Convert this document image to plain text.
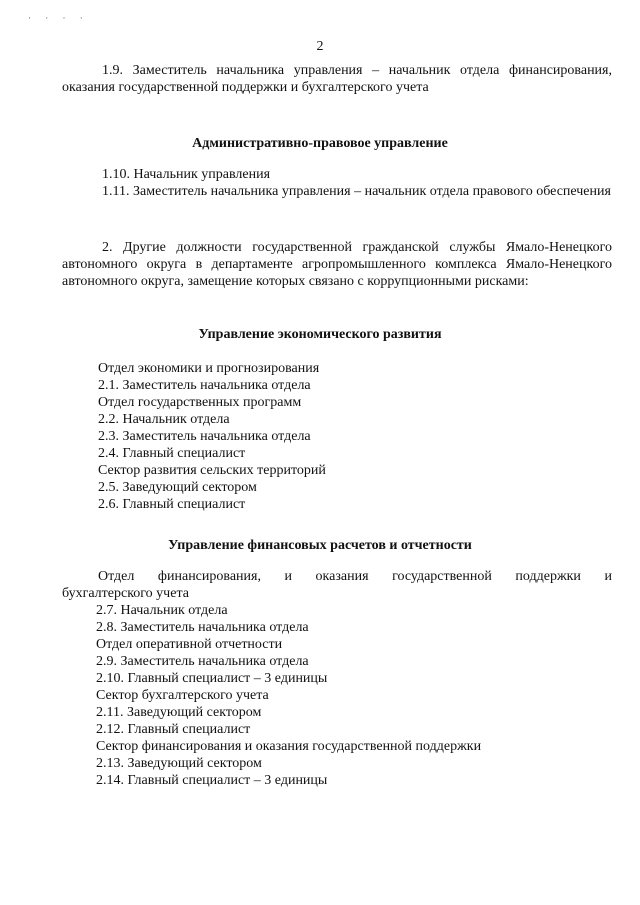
· · · ·
2

1.9. Заместитель начальника управления – начальник отдела финансирования, оказания государственной поддержки и бухгалтерского учета

Административно-правовое управление

1.10. Начальник управления

1.11. Заместитель начальника управления – начальник отдела правового обеспечения

2. Другие должности государственной гражданской службы Ямало-Ненецкого автономного округа в департаменте агропромышленного комплекса Ямало-Ненецкого автономного округа, замещение которых связано с коррупционными рисками:

Управление экономического развития

Отдел экономики и прогнозирования

2.1. Заместитель начальника отдела

Отдел государственных программ

2.2. Начальник отдела

2.3. Заместитель начальника отдела

2.4. Главный специалист

Сектор развития сельских территорий

2.5. Заведующий сектором

2.6. Главный специалист

Управление финансовых расчетов и отчетности
Отдел финансирования, и оказания государственной поддержки и

бухгалтерского учета

2.7. Начальник отдела

2.8. Заместитель начальника отдела

Отдел оперативной отчетности

2.9. Заместитель начальника отдела

2.10. Главный специалист – 3 единицы

Сектор бухгалтерского учета

2.11. Заведующий сектором

2.12. Главный специалист

Сектор финансирования и оказания государственной поддержки

2.13. Заведующий сектором

2.14. Главный специалист – 3 единицы
